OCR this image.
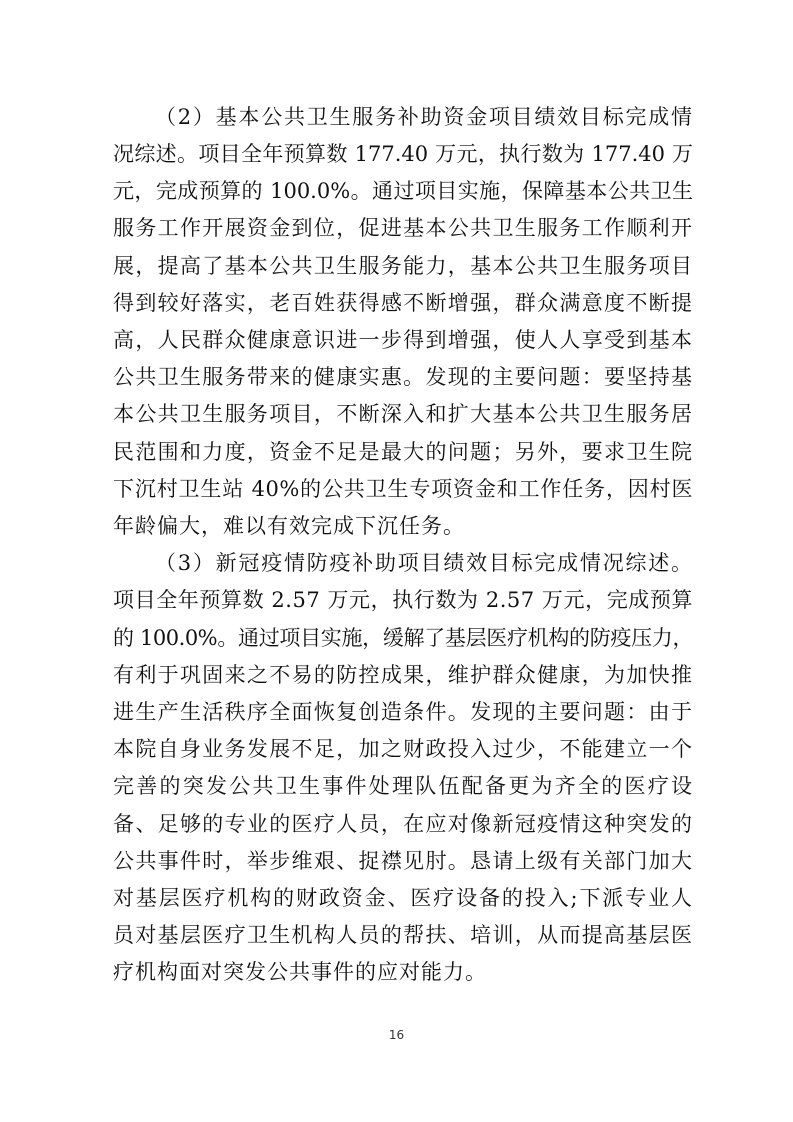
（2）基本公共卫生服务补助资金项目绩效目标完成情
况综述。项目全年预算数 177.40 万元，执行数为 177.40 万
元，完成预算的 100.0%。通过项目实施，保障基本公共卫生
服务工作开展资金到位，促进基本公共卫生服务工作顺利开
展，提高了基本公共卫生服务能力，基本公共卫生服务项目
得到较好落实，老百姓获得感不断增强，群众满意度不断提
高，人民群众健康意识进一步得到增强，使人人享受到基本
公共卫生服务带来的健康实惠。发现的主要问题：要坚持基
本公共卫生服务项目，不断深入和扩大基本公共卫生服务居
民范围和力度，资金不足是最大的问题；另外，要求卫生院
下沉村卫生站 40%的公共卫生专项资金和工作任务，因村医
年龄偏大，难以有效完成下沉任务。
（3）新冠疫情防疫补助项目绩效目标完成情况综述。
项目全年预算数 2.57 万元，执行数为 2.57 万元，完成预算
的 100.0%。通过项目实施，缓解了基层医疗机构的防疫压力，
有利于巩固来之不易的防控成果，维护群众健康，为加快推
进生产生活秩序全面恢复创造条件。发现的主要问题：由于
本院自身业务发展不足，加之财政投入过少，不能建立一个
完善的突发公共卫生事件处理队伍配备更为齐全的医疗设
备、足够的专业的医疗人员，在应对像新冠疫情这种突发的
公共事件时，举步维艰、捉襟见肘。恳请上级有关部门加大
对基层医疗机构的财政资金、医疗设备的投入;下派专业人
员对基层医疗卫生机构人员的帮扶、培训，从而提高基层医
疗机构面对突发公共事件的应对能力。
16
